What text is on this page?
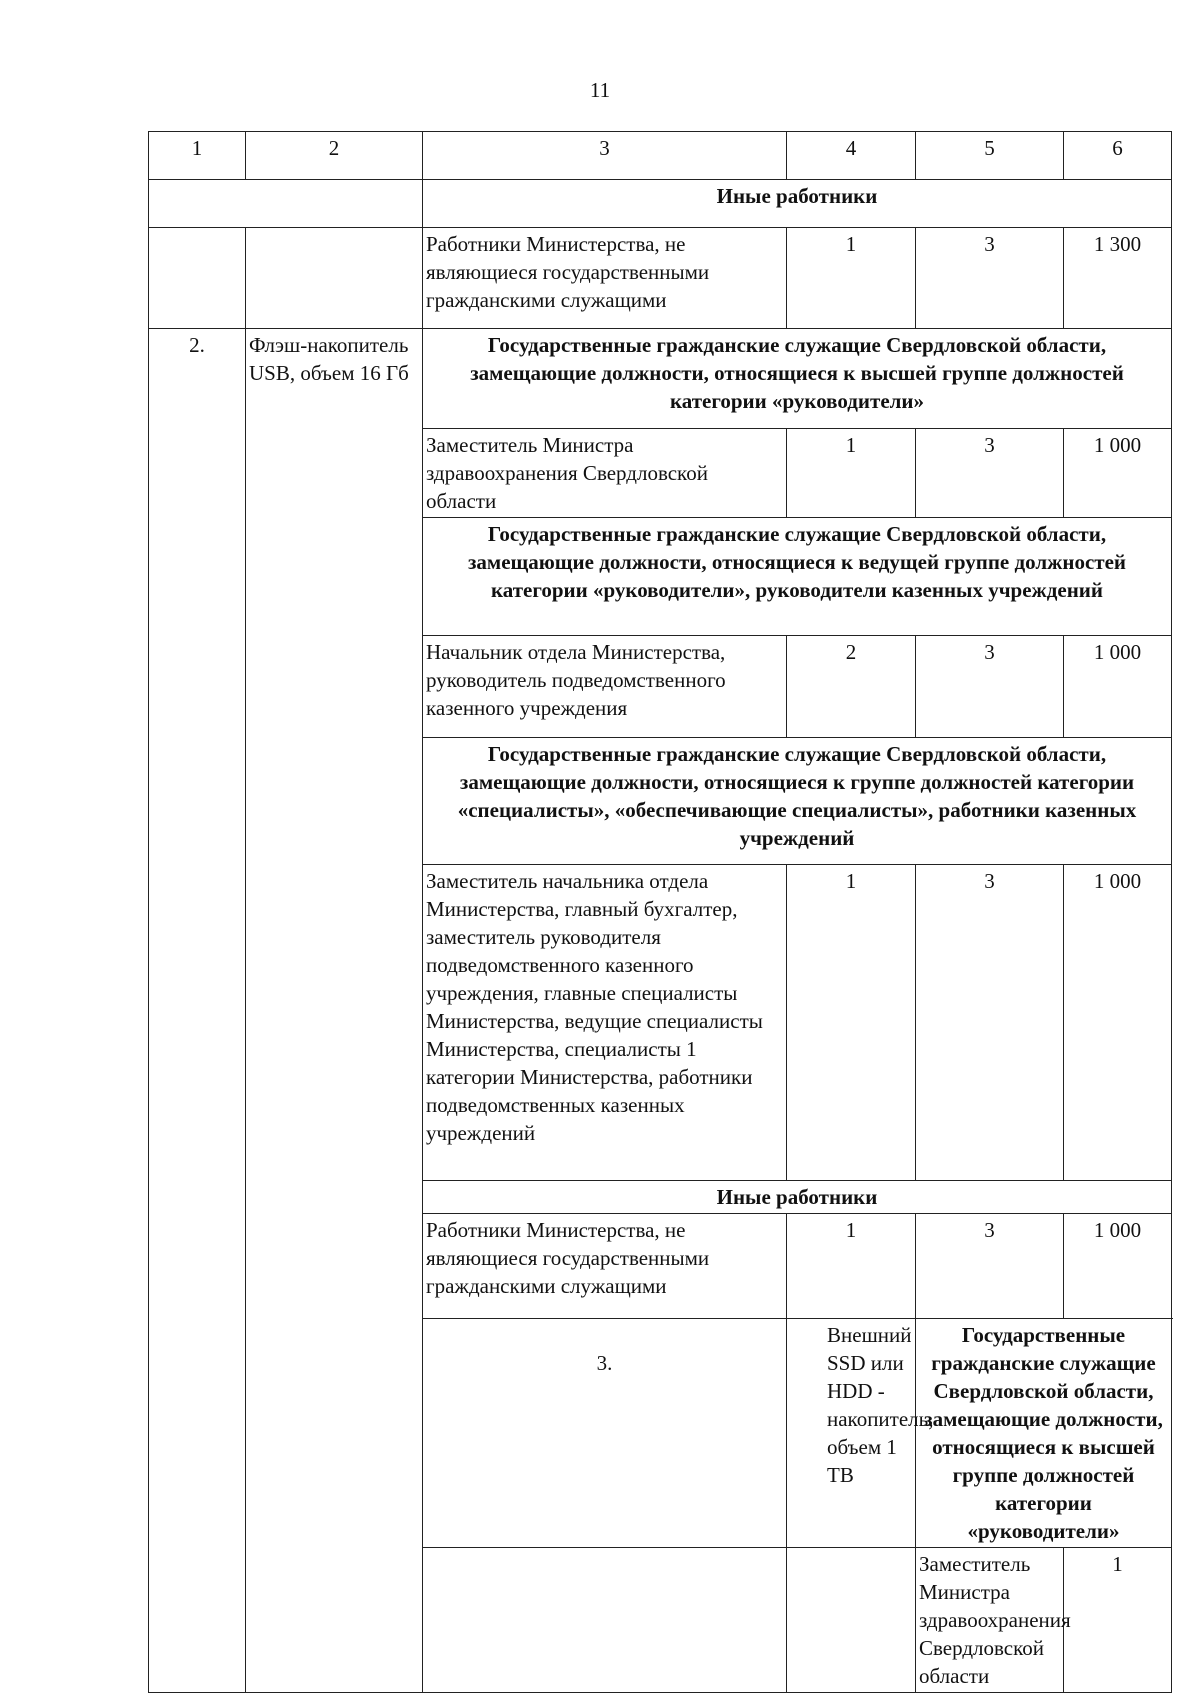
11
1	2	3	4	5	6	
		Иные работники				
		Работники Министерства, не являющиеся государственными гражданскими служащими	1	3	1 300	
2.	Флэш-накопитель USB, объем 16 Гб	Государственные гражданские служащие Свердловской области, замещающие должности, относящиеся к высшей группе должностей категории «руководители»				
		Заместитель Министра здравоохранения Свердловской области	1	3	1 000	
		Государственные гражданские служащие Свердловской области, замещающие должности, относящиеся к ведущей группе должностей категории «руководители», руководители казенных учреждений				
		Начальник отдела Министерства, руководитель подведомственного казенного учреждения	2	3	1 000	
		Государственные гражданские служащие Свердловской области, замещающие должности, относящиеся к группе должностей категории «специалисты», «обеспечивающие специалисты», работники казенных учреждений				
		Заместитель начальника отдела Министерства, главный бухгалтер, заместитель руководителя подведомственного казенного учреждения, главные специалисты Министерства, ведущие специалисты Министерства, специалисты 1 категории Министерства, работники подведомственных казенных учреждений	1	3	1 000	
		Иные работники				
		Работники Министерства, не являющиеся государственными гражданскими служащими	1	3	1 000	
		3.	Внешний SSD или HDD - накопитель, объем 1 ТВ	Государственные гражданские служащие Свердловской области, замещающие должности, относящиеся к высшей группе должностей категории «руководители»		
				Заместитель Министра здравоохранения Свердловской области	1		
